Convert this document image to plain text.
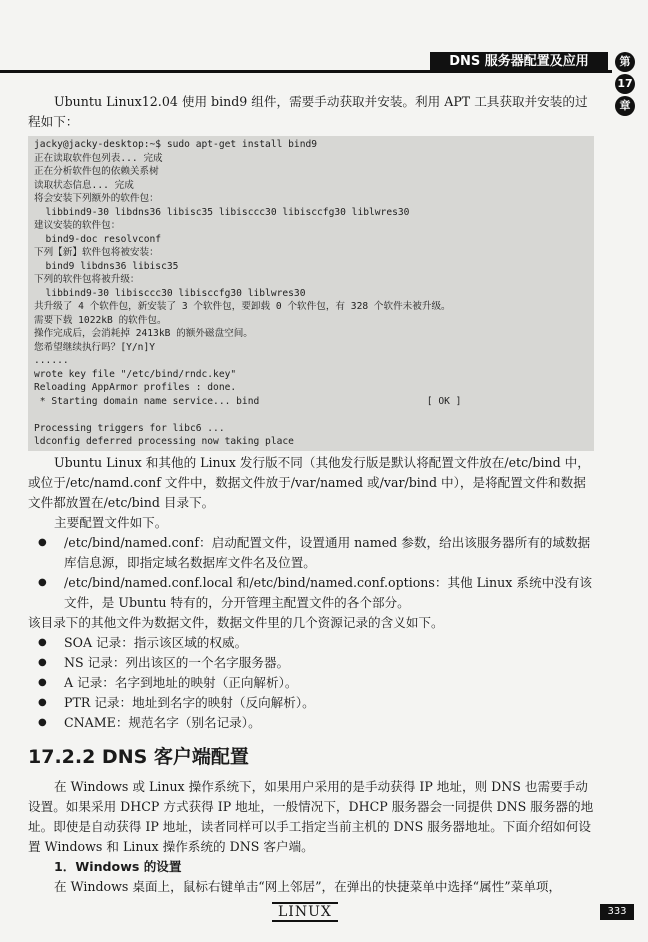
DNS 服务器配置及应用	第
17
章

Ubuntu Linux12.04 使用 bind9 组件，需要手动获取并安装。利用 APT 工具获取并安装的过程如下：

jacky@jacky-desktop:~$ sudo apt-get install bind9
正在读取软件包列表... 完成
正在分析软件包的依赖关系树
读取状态信息... 完成
将会安装下列额外的软件包：
libbind9-30 libdns36 libisc35 libisccc30 libisccfg30 liblwres30
建议安装的软件包：
bind9-doc resolvconf
下列【新】软件包将被安装：
bind9 libdns36 libisc35
下列的软件包将被升级：
libbind9-30 libisccc30 libisccfg30 liblwres30
共升级了 4 个软件包，新安装了 3 个软件包，要卸载 0 个软件包，有 328 个软件未被升级。
需要下载 1022kB 的软件包。
操作完成后，会消耗掉 2413kB 的额外磁盘空间。
您希望继续执行吗？[Y/n]Y
......
wrote key file "/etc/bind/rndc.key"
Reloading AppArmor profiles : done.
* Starting domain name service... bind                             [ OK ]

Processing triggers for libc6 ...
ldconfig deferred processing now taking place

Ubuntu Linux 和其他的 Linux 发行版不同（其他发行版是默认将配置文件放在/etc/bind 中，或位于/etc/namd.conf 文件中，数据文件放于/var/named 或/var/bind 中），是将配置文件和数据文件都放置在/etc/bind 目录下。

主要配置文件如下。

● /etc/bind/named.conf：启动配置文件，设置通用 named 参数，给出该服务器所有的域数据库信息源，即指定域名数据库文件名及位置。
● /etc/bind/named.conf.local 和/etc/bind/named.conf.options：其他 Linux 系统中没有该文件，是 Ubuntu 特有的，分开管理主配置文件的各个部分。

该目录下的其他文件为数据文件，数据文件里的几个资源记录的含义如下。

● SOA 记录：指示该区域的权威。
● NS 记录：列出该区的一个名字服务器。
● A 记录：名字到地址的映射（正向解析）。
● PTR 记录：地址到名字的映射（反向解析）。
● CNAME：规范名字（别名记录）。
17.2.2 DNS 客户端配置

在 Windows 或 Linux 操作系统下，如果用户采用的是手动获得 IP 地址，则 DNS 也需要手动设置。如果采用 DHCP 方式获得 IP 地址，一般情况下，DHCP 服务器会一同提供 DNS 服务器的地址。即使是自动获得 IP 地址，读者同样可以手工指定当前主机的 DNS 服务器地址。下面介绍如何设置 Windows 和 Linux 操作系统的 DNS 客户端。

1．Windows 的设置

在 Windows 桌面上，鼠标右键单击“网上邻居”，在弹出的快捷菜单中选择“属性”菜单项，

LINUX	333
